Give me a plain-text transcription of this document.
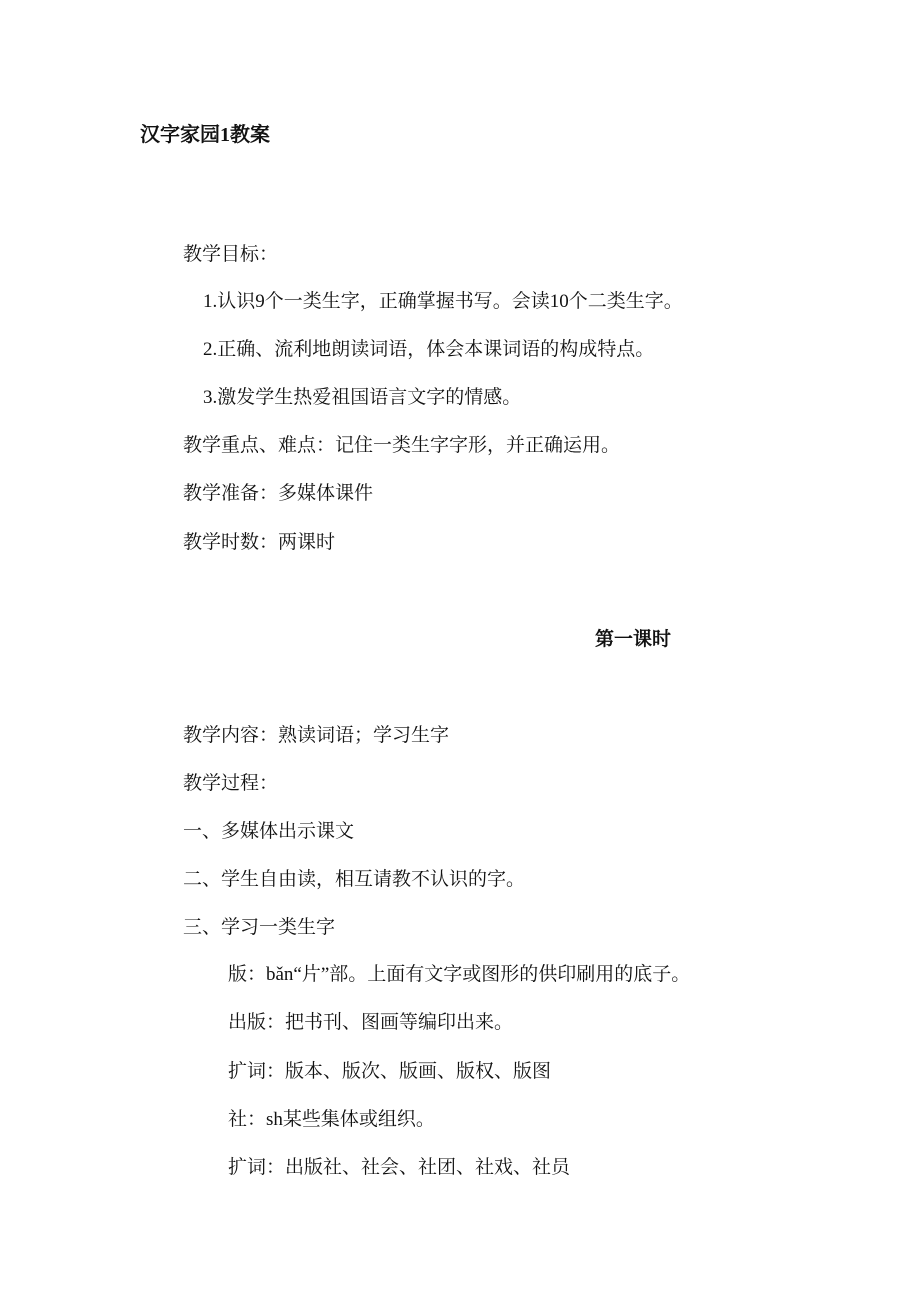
汉字家园1教案
教学目标：
1.认识9个一类生字，正确掌握书写。会读10个二类生字。
2.正确、流利地朗读词语，体会本课词语的构成特点。
3.激发学生热爱祖国语言文字的情感。
教学重点、难点：记住一类生字字形，并正确运用。
教学准备：多媒体课件
教学时数：两课时
第一课时
教学内容：熟读词语；学习生字
教学过程：
一、多媒体出示课文
二、学生自由读，相互请教不认识的字。
三、学习一类生字
版：bǎn“片”部。上面有文字或图形的供印刷用的底子。
出版：把书刊、图画等编印出来。
扩词：版本、版次、版画、版权、版图
社：sh某些集体或组织。
扩词：出版社、社会、社团、社戏、社员
